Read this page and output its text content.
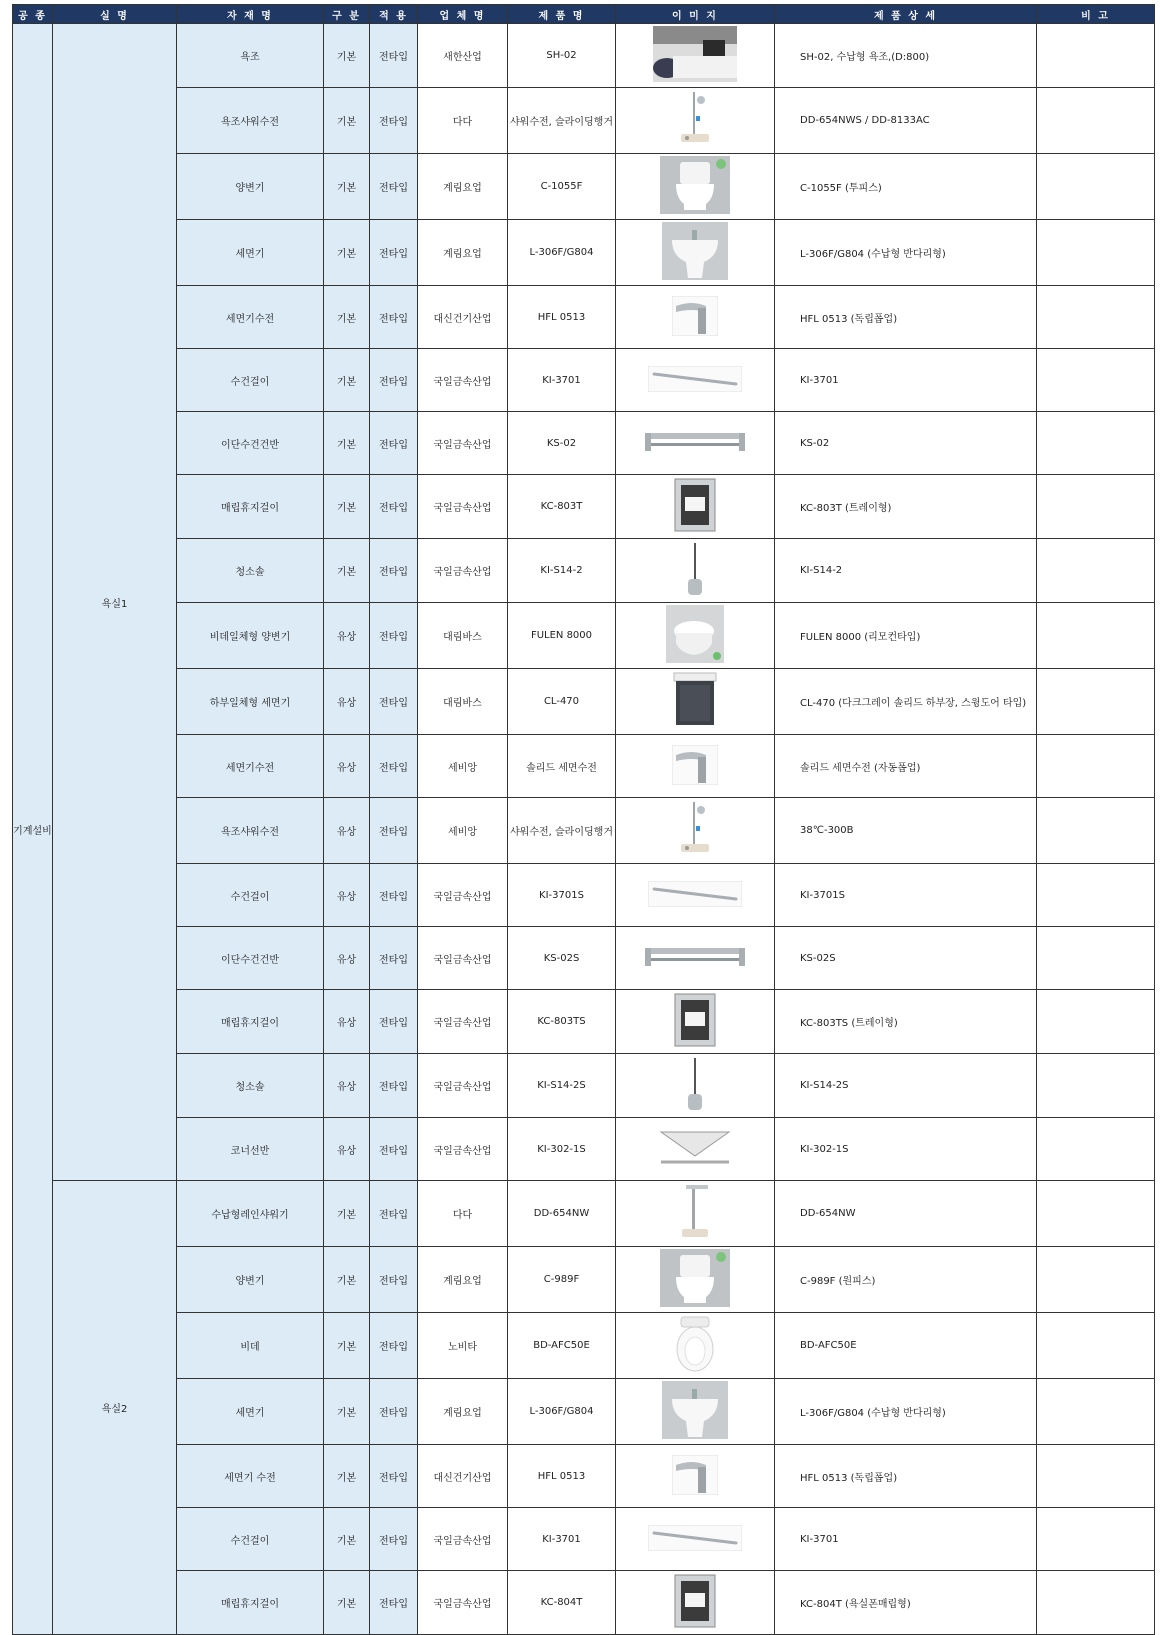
공 종	실 명	자 재 명	구 분	적 용	업 체 명	제 품 명	이 미 지	제 품 상 세	비 고
기계설비	욕실1	욕조	기본	전타입	새한산업	SH-02		SH-02, 수납형 욕조,(D:800)	
		욕조샤워수전	기본	전타입	다다	샤워수전, 슬라이딩행거		DD-654NWS / DD-8133AC	
		양변기	기본	전타입	계림요업	C-1055F		C-1055F (투피스)	
		세면기	기본	전타입	계림요업	L-306F/G804		L-306F/G804 (수납형 반다리형)	
		세면기수전	기본	전타입	대신건기산업	HFL 0513		HFL 0513 (독립폽업)	
		수건걸이	기본	전타입	국일금속산업	KI-3701		KI-3701	
		이단수건건반	기본	전타입	국일금속산업	KS-02		KS-02	
		매립휴지걸이	기본	전타입	국일금속산업	KC-803T		KC-803T (트레이형)	
		청소솔	기본	전타입	국일금속산업	KI-S14-2		KI-S14-2	
		비데일체형 양변기	유상	전타입	대림바스	FULEN 8000		FULEN 8000 (리모컨타입)	
		하부일체형 세면기	유상	전타입	대림바스	CL-470		CL-470 (다크그레이 솔리드 하부장, 스윙도어 타입)	
		세면기수전	유상	전타입	세비앙	솔리드 세면수전		솔리드 세면수전 (자동폽업)	
		욕조샤워수전	유상	전타입	세비앙	샤워수전, 슬라이딩행거		38℃-300B	
		수건걸이	유상	전타입	국일금속산업	KI-3701S		KI-3701S	
		이단수건건반	유상	전타입	국일금속산업	KS-02S		KS-02S	
		매립휴지걸이	유상	전타입	국일금속산업	KC-803TS		KC-803TS (트레이형)	
		청소솔	유상	전타입	국일금속산업	KI-S14-2S		KI-S14-2S	
		코너선반	유상	전타입	국일금속산업	KI-302-1S		KI-302-1S	
	욕실2	수납형레인샤워기	기본	전타입	다다	DD-654NW		DD-654NW	
		양변기	기본	전타입	계림요업	C-989F		C-989F (원피스)	
		비데	기본	전타입	노비타	BD-AFC50E		BD-AFC50E	
		세면기	기본	전타입	계림요업	L-306F/G804		L-306F/G804 (수납형 반다리형)	
		세면기 수전	기본	전타입	대신건기산업	HFL 0513		HFL 0513 (독립폽업)	
		수건걸이	기본	전타입	국일금속산업	KI-3701		KI-3701	
		매립휴지걸이	기본	전타입	국일금속산업	KC-804T		KC-804T (욕실폰매립형)	
